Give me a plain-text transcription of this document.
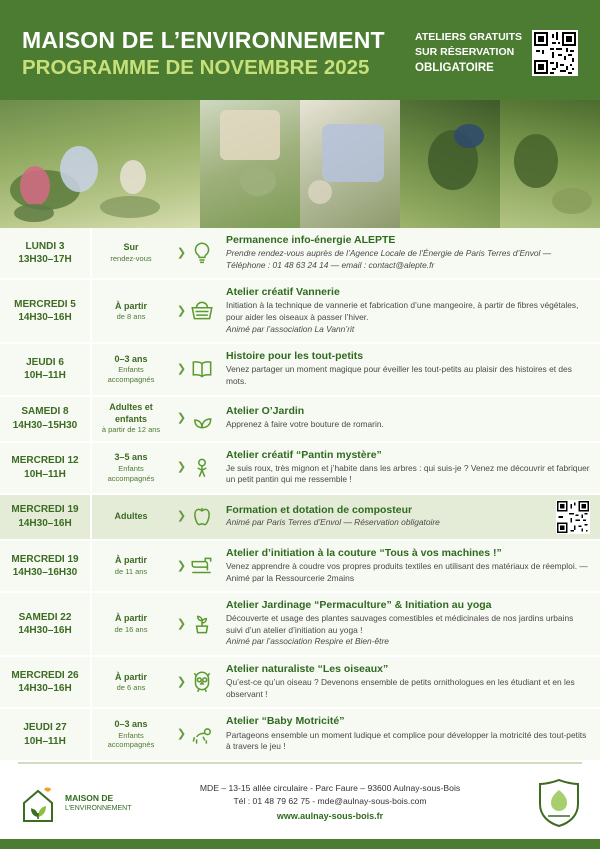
MAISON DE L’ENVIRONNEMENT
PROGRAMME DE NOVEMBRE 2025
ATELIERS GRATUITS
SUR RÉSERVATION
OBLIGATOIRE
LUNDI 3
13H30–17H
Sur
rendez-vous ❯
Permanence info-énergie ALEPTE
Prendre rendez-vous auprès de l’Agence Locale de l’Énergie de Paris Terres d’Envol — Téléphone : 01 48 63 24 14 — email : contact@alepte.fr
MERCREDI 5
14H30–16H
À partir
de 8 ans	❯
Atelier créatif Vannerie
Initiation à la technique de vannerie et fabrication d’une mangeoire, à partir de fibres végétales, pour aider les oiseaux à passer l’hiver.
Animé par l’association La Vann’rit
JEUDI 6
10H–11H
0–3 ans
Enfants accompagnés
❯
Histoire pour les tout-petits
Venez partager un moment magique pour éveiller les tout-petits au plaisir des histoires et des mots.
SAMEDI 8
14H30–15H30
Adultes et enfants
à partir de 12 ans
❯
Atelier O’Jardin
Apprenez à faire votre bouture de romarin.
MERCREDI 12
10H–11H
3–5 ans
Enfants accompagnés
❯
Atelier créatif “Pantin mystère”
Je suis roux, très mignon et j’habite dans les arbres : qui suis-je ? Venez me découvrir et fabriquer un petit pantin qui me ressemble !
MERCREDI 19
14H30–16H
Adultes	❯
Formation et dotation de composteur
Animé par Paris Terres d’Envol — Réservation obligatoire
MERCREDI 19
14H30–16H30
À partir
de 11 ans	❯
Atelier d’initiation à la couture “Tous à vos machines !”
Venez apprendre à coudre vos propres produits textiles en utilisant des matériaux de réemploi. — Animé par la Ressourcerie 2mains
SAMEDI 22
14H30–16H
À partir
de 16 ans	❯
Atelier Jardinage “Permaculture” & Initiation au yoga
Découverte et usage des plantes sauvages comestibles et médicinales de nos jardins urbains suivi d’un atelier d’initiation au yoga !
Animé par l’association Respire et Bien-être
MERCREDI 26
14H30–16H
À partir
de 6 ans	❯
Atelier naturaliste “Les oiseaux”
Qu’est-ce qu’un oiseau ? Devenons ensemble de petits ornithologues en les étudiant et en les observant !
JEUDI 27
10H–11H
0–3 ans
Enfants accompagnés
❯
Atelier “Baby Motricité”
Partageons ensemble un moment ludique et complice pour développer la motricité des tout-petits à travers le jeu !
MAISON DE
L’ENVIRONNEMENT
MDE – 13-15 allée circulaire - Parc Faure – 93600 Aulnay-sous-Bois
Tél : 01 48 79 62 75 - mde@aulnay-sous-bois.com
www.aulnay-sous-bois.fr
